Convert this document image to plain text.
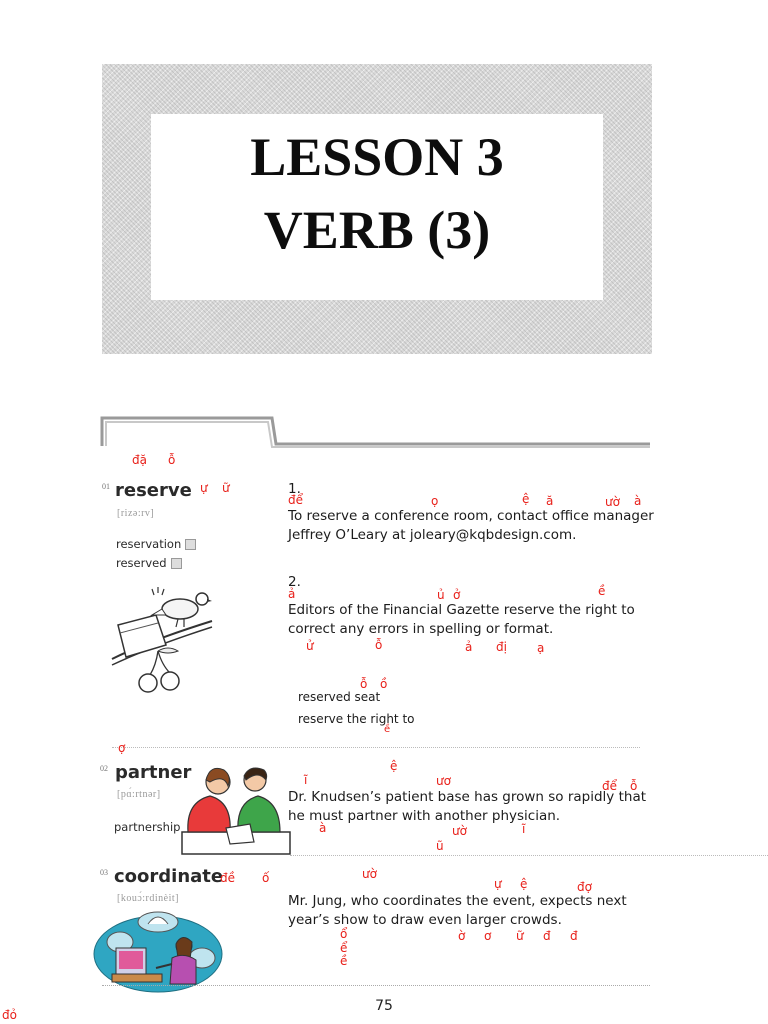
LESSON 3
VERB (3)
đặ ỗ
01 reserve ự ữ
[rizə:rv]
reservation
reserved
1.
để	ọ	ệ ă	ườ à
To reserve a conference room, contact office manager
Jeffrey O’Leary at joleary@kqbdesign.com.
2.
ả	ủ ở	ề
Editors of the Financial Gazette reserve the right to
correct any errors in spelling or format.
ử	ỗ	ả đị	ạ
ỗ ồ
reserved seat
reserve the right to
ề
ợ
ệ
02 partner
[pɑ́:rtnər]
partnership
ĩ	ươ	để ỗ
Dr. Knudsen’s patient base has grown so rapidly that
he must partner with another physician.
à	ườ	ĩ
ũ
03 coordinate
đề ố
[kouɔ́:rdinèit]
ườ
ự ệ	đợ
Mr. Jung, who coordinates the event, expects next
year’s show to draw even larger crowds.
ổ	ờ ơ ữ đ đ
ể
ề
75
đỏ
